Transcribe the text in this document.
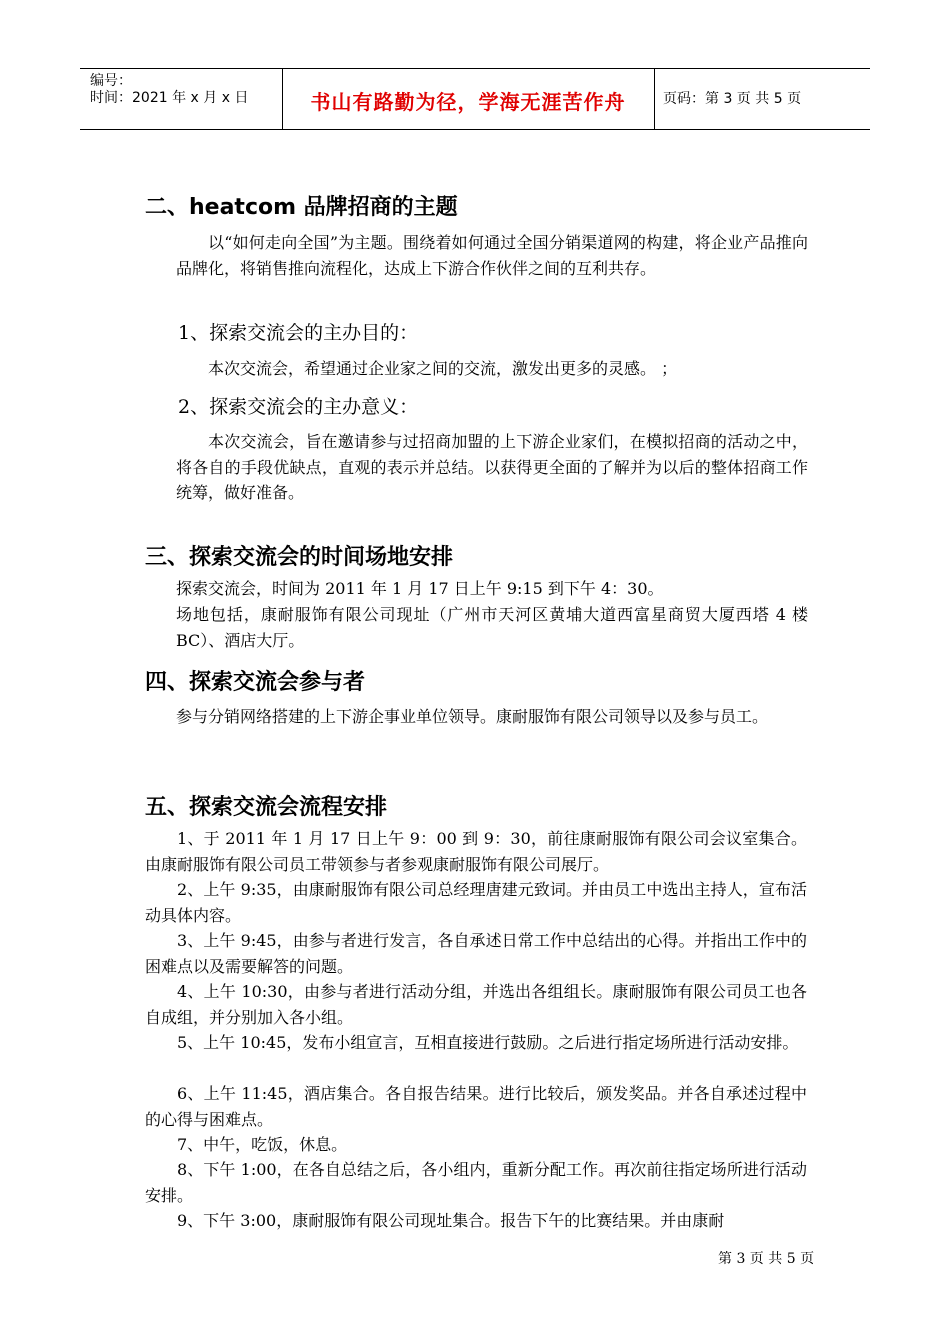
编号：
时间：2021 年 x 月 x 日	书山有路勤为径，学海无涯苦作舟	页码：第 3 页 共 5 页
二、heatcom 品牌招商的主题

以“如何走向全国”为主题。围绕着如何通过全国分销渠道网的构建，将企业产品推向品牌化，将销售推向流程化，达成上下游合作伙伴之间的互利共存。

1、探索交流会的主办目的：

本次交流会，希望通过企业家之间的交流，激发出更多的灵感。 ；

2、探索交流会的主办意义：

本次交流会，旨在邀请参与过招商加盟的上下游企业家们，在模拟招商的活动之中，将各自的手段优缺点，直观的表示并总结。以获得更全面的了解并为以后的整体招商工作统筹，做好准备。

三、探索交流会的时间场地安排

探索交流会，时间为 2011 年 1 月 17 日上午 9:15 到下午 4：30。

场地包括，康耐服饰有限公司现址（广州市天河区黄埔大道西富星商贸大厦西塔 4 楼 BC）、酒店大厅。

四、探索交流会参与者

参与分销网络搭建的上下游企事业单位领导。康耐服饰有限公司领导以及参与员工。

五、探索交流会流程安排

1、于 2011 年 1 月 17 日上午 9：00 到 9：30，前往康耐服饰有限公司会议室集合。由康耐服饰有限公司员工带领参与者参观康耐服饰有限公司展厅。

2、上午 9:35，由康耐服饰有限公司总经理唐建元致词。并由员工中选出主持人，宣布活动具体内容。

3、上午 9:45，由参与者进行发言，各自承述日常工作中总结出的心得。并指出工作中的困难点以及需要解答的问题。

4、上午 10:30，由参与者进行活动分组，并选出各组组长。康耐服饰有限公司员工也各自成组，并分别加入各小组。

5、上午 10:45，发布小组宣言，互相直接进行鼓励。之后进行指定场所进行活动安排。

6、上午 11:45，酒店集合。各自报告结果。进行比较后，颁发奖品。并各自承述过程中的心得与困难点。

7、中午，吃饭，休息。

8、下午 1:00，在各自总结之后，各小组内，重新分配工作。再次前往指定场所进行活动安排。

9、下午 3:00，康耐服饰有限公司现址集合。报告下午的比赛结果。并由康耐

第 3 页 共 5 页
